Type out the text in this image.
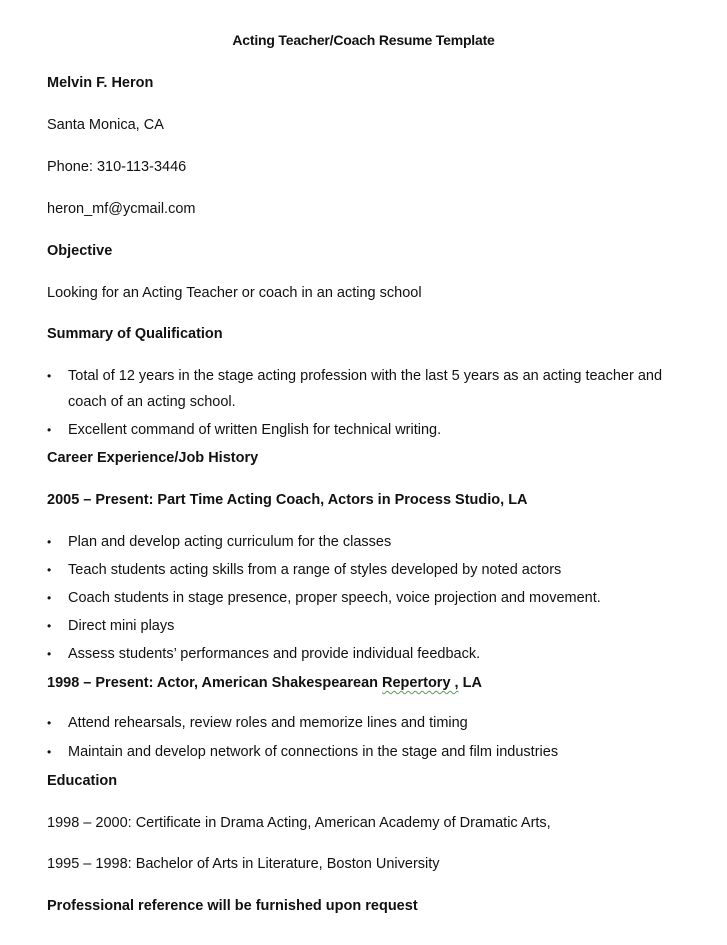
Acting Teacher/Coach Resume Template
Melvin F. Heron
Santa Monica, CA
Phone: 310-113-3446
heron_mf@ycmail.com
Objective
Looking for an Acting Teacher or coach in an acting school
Summary of Qualification
• Total of 12 years in the stage acting profession with the last 5 years as an acting teacher and coach of an acting school.
• Excellent command of written English for technical writing.
Career Experience/Job History
2005 – Present: Part Time Acting Coach, Actors in Process Studio, LA
• Plan and develop acting curriculum for the classes
• Teach students acting skills from a range of styles developed by noted actors
• Coach students in stage presence, proper speech, voice projection and movement.
• Direct mini plays
• Assess students’ performances and provide individual feedback.
1998 – Present: Actor, American Shakespearean Repertory , LA
• Attend rehearsals, review roles and memorize lines and timing
• Maintain and develop network of connections in the stage and film industries
Education
1998 – 2000: Certificate in Drama Acting, American Academy of Dramatic Arts,
1995 – 1998: Bachelor of Arts in Literature, Boston University
Professional reference will be furnished upon request
